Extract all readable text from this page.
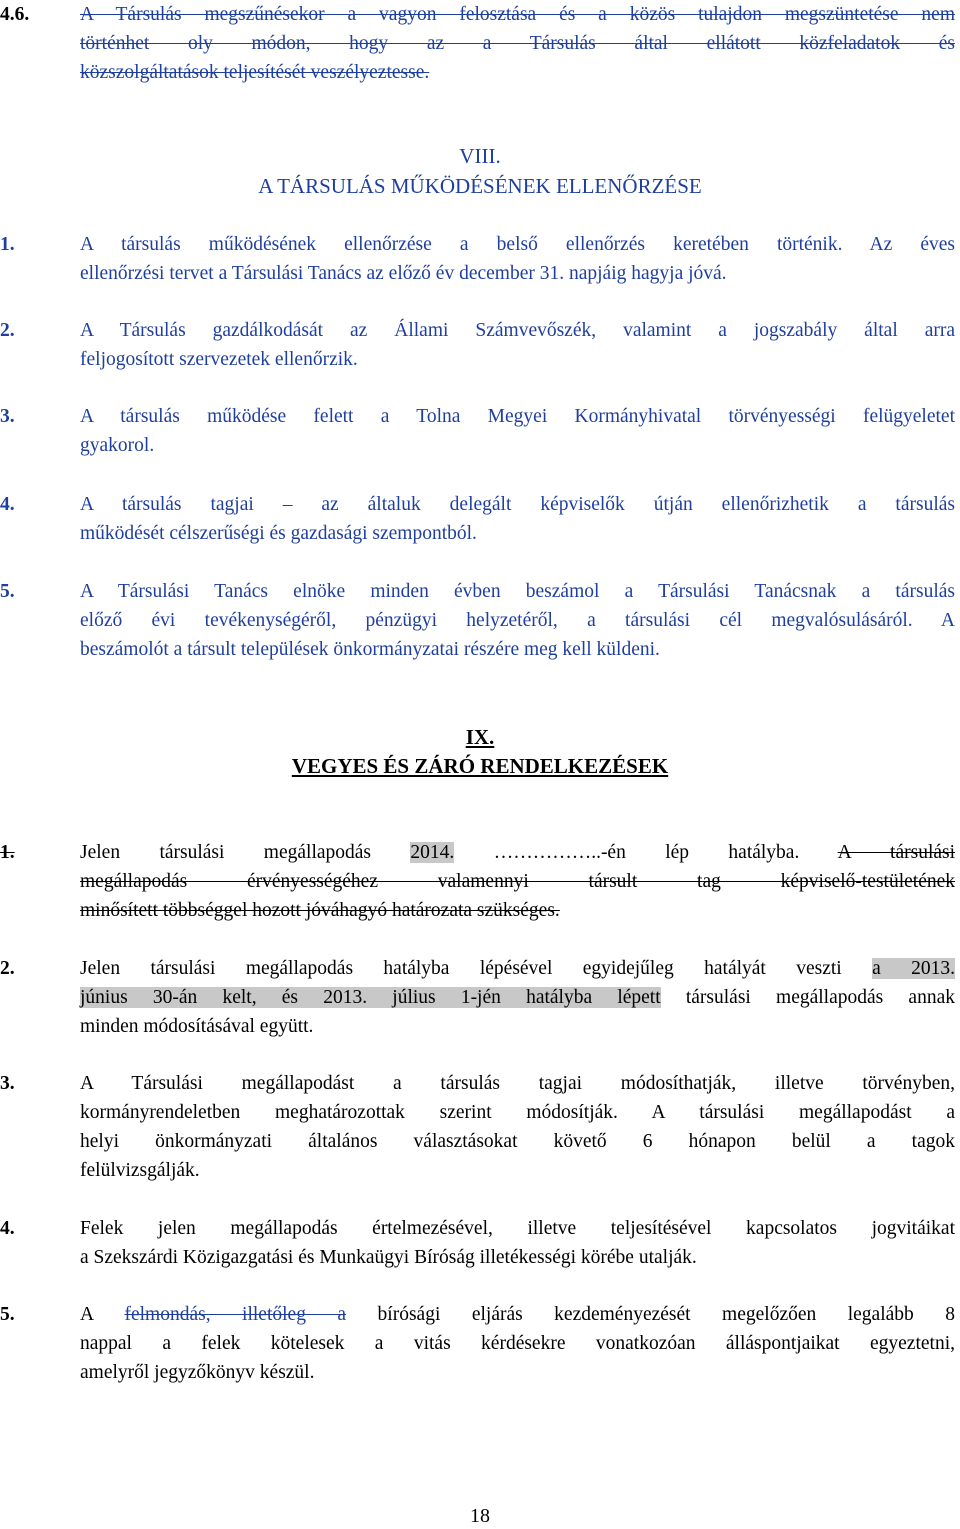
4.6.	A Társulás megszűnésekor a vagyon felosztása és a közös tulajdon megszüntetése nem
történhet oly módon, hogy az a Társulás által ellátott közfeladatok és
közszolgáltatások teljesítését veszélyeztesse.
VIII.
A TÁRSULÁS MŰKÖDÉSÉNEK ELLENŐRZÉSE
1.	A társulás működésének ellenőrzése a belső ellenőrzés keretében történik. Az éves
ellenőrzési tervet a Társulási Tanács az előző év december 31. napjáig hagyja jóvá.
2.	A Társulás gazdálkodását az Állami Számvevőszék, valamint a jogszabály által arra
feljogosított szervezetek ellenőrzik.
3.	A társulás működése felett a Tolna Megyei Kormányhivatal törvényességi felügyeletet
gyakorol.
4.	A társulás tagjai – az általuk delegált képviselők útján ellenőrizhetik a társulás
működését célszerűségi és gazdasági szempontból.
5.	A Társulási Tanács elnöke minden évben beszámol a Társulási Tanácsnak a társulás
előző évi tevékenységéről, pénzügyi helyzetéről, a társulási cél megvalósulásáról. A
beszámolót a társult települések önkormányzatai részére meg kell küldeni.
IX.
VEGYES ÉS ZÁRÓ RENDELKEZÉSEK
1.	Jelen társulási megállapodás 2014. ……………..-én lép hatályba. A társulási
megállapodás érvényességéhez valamennyi társult tag képviselő-testületének
minősített többséggel hozott jóváhagyó határozata szükséges.
2.	Jelen társulási megállapodás hatályba lépésével egyidejűleg hatályát veszti a 2013.
június 30-án kelt, és 2013. július 1-jén hatályba lépett társulási megállapodás annak
minden módosításával együtt.
3.	A Társulási megállapodást a társulás tagjai módosíthatják, illetve törvényben,
kormányrendeletben meghatározottak szerint módosítják. A társulási megállapodást a
helyi önkormányzati általános választásokat követő 6 hónapon belül a tagok
felülvizsgálják.
4.	Felek jelen megállapodás értelmezésével, illetve teljesítésével kapcsolatos jogvitáikat
a Szekszárdi Közigazgatási és Munkaügyi Bíróság illetékességi körébe utalják.
5.	A felmondás, illetőleg a bírósági eljárás kezdeményezését megelőzően legalább 8
nappal a felek kötelesek a vitás kérdésekre vonatkozóan álláspontjaikat egyeztetni,
amelyről jegyzőkönyv készül.
18
